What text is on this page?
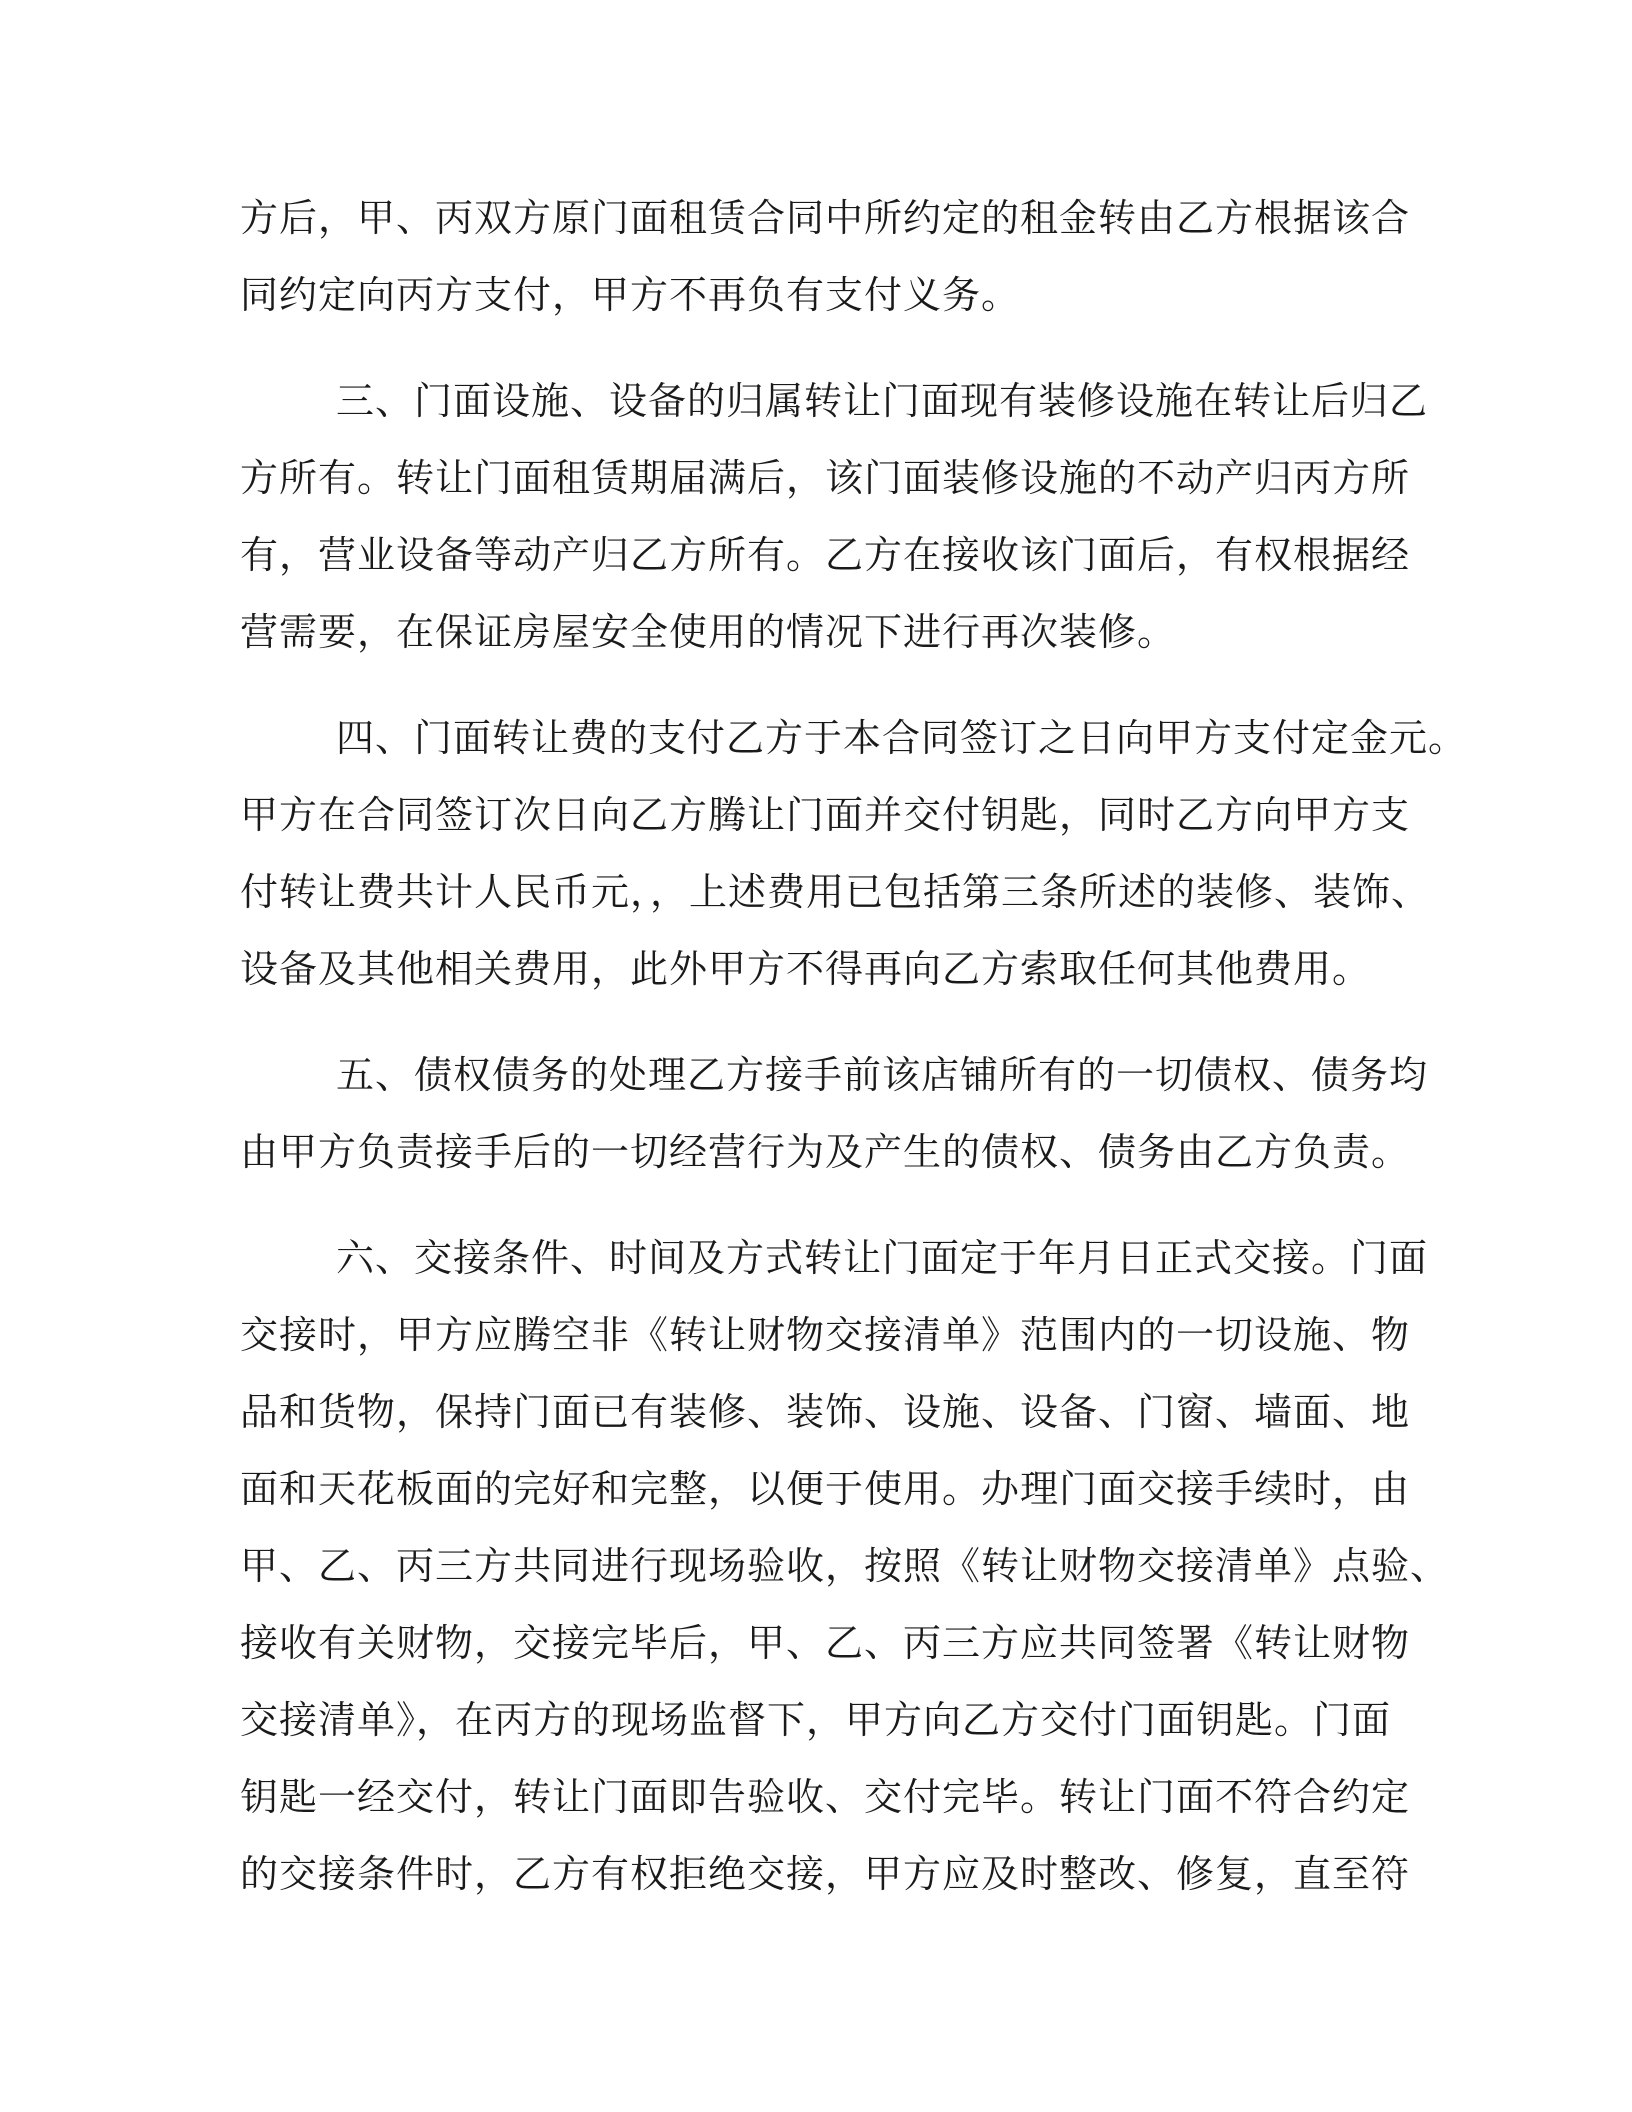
方后，甲、丙双方原门面租赁合同中所约定的租金转由乙方根据该合
同约定向丙方支付，甲方不再负有支付义务。
三、门面设施、设备的归属转让门面现有装修设施在转让后归乙
方所有。转让门面租赁期届满后，该门面装修设施的不动产归丙方所
有，营业设备等动产归乙方所有。乙方在接收该门面后，有权根据经
营需要，在保证房屋安全使用的情况下进行再次装修。
四、门面转让费的支付乙方于本合同签订之日向甲方支付定金元。
甲方在合同签订次日向乙方腾让门面并交付钥匙，同时乙方向甲方支
付转让费共计人民币元，，上述费用已包括第三条所述的装修、装饰、
设备及其他相关费用，此外甲方不得再向乙方索取任何其他费用。
五、债权债务的处理乙方接手前该店铺所有的一切债权、债务均
由甲方负责接手后的一切经营行为及产生的债权、债务由乙方负责。
六、交接条件、时间及方式转让门面定于年月日正式交接。门面
交接时，甲方应腾空非《转让财物交接清单》范围内的一切设施、物
品和货物，保持门面已有装修、装饰、设施、设备、门窗、墙面、地
面和天花板面的完好和完整，以便于使用。办理门面交接手续时，由
甲、乙、丙三方共同进行现场验收，按照《转让财物交接清单》点验、
接收有关财物，交接完毕后，甲、乙、丙三方应共同签署《转让财物
交接清单》，在丙方的现场监督下，甲方向乙方交付门面钥匙。门面
钥匙一经交付，转让门面即告验收、交付完毕。转让门面不符合约定
的交接条件时，乙方有权拒绝交接，甲方应及时整改、修复，直至符
